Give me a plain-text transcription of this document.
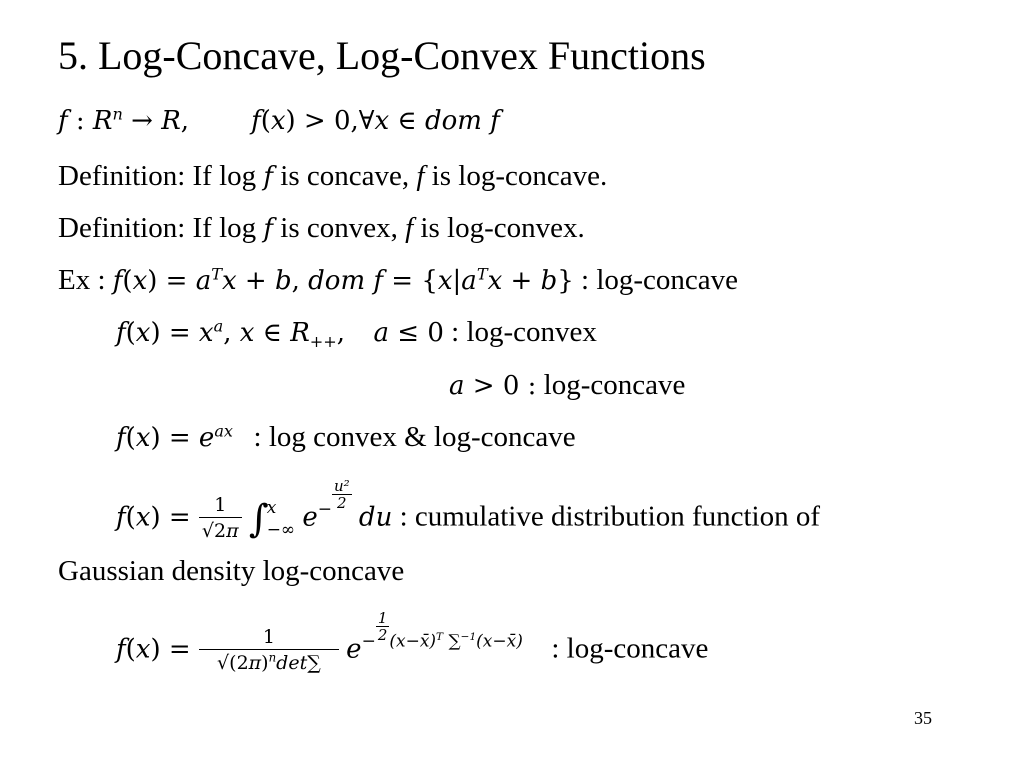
5. Log-Concave, Log-Convex Functions
f : $R^n \to R$, f(x) > 0,∀x ∈ dom f
Definition: If log f is concave, f is log-concave.
Definition: If log f is convex, f is log-convex.
Ex : $f(x) = a^Tx + b$, dom $f = \{x|a^Tx + b\}$ : log-concave
$f(x) = x^a$, x ∈ $R_{++}$, a ≤ 0 : log-convex
a > 0 : log-concave
$f(x) = e^{ax}$ : log convex & log-concave
$f(x) = \frac{1}{√2\pi}$ ∫
x
−∞ $e- \frac{\text{u²}}{2}$
du : cumulative distribution function of
Gaussian density log-concave
$f(x) = \frac{1}{√(2\pi)^n\det\sum} e- \frac{1}{2}$ (x−x̄)$^T$ ∑$^{-1}$(x−x̄) : log-concave
35
